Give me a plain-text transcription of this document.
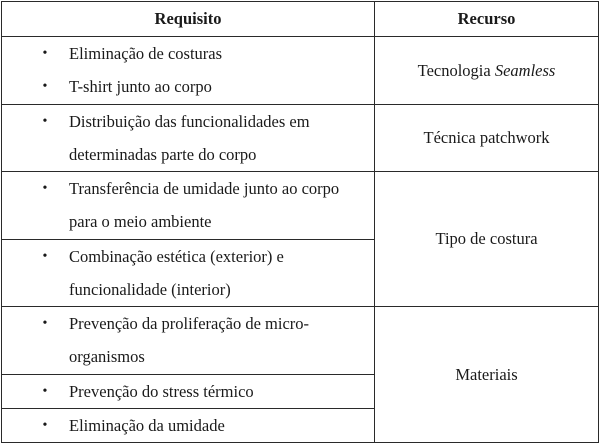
Requisito	Recurso

• Eliminação de costuras
• T-shirt junto ao corpo	Tecnologia Seamless

• Distribuição das funcionalidades em determinadas parte do corpo	Técnica patchwork

• Transferência de umidade junto ao corpo para o meio ambiente	Tipo de costura

• Combinação estética (exterior) e funcionalidade (interior)	

• Prevenção da proliferação de micro-organismos	Materiais

• Prevenção do stress térmico	

• Eliminação da umidade	
